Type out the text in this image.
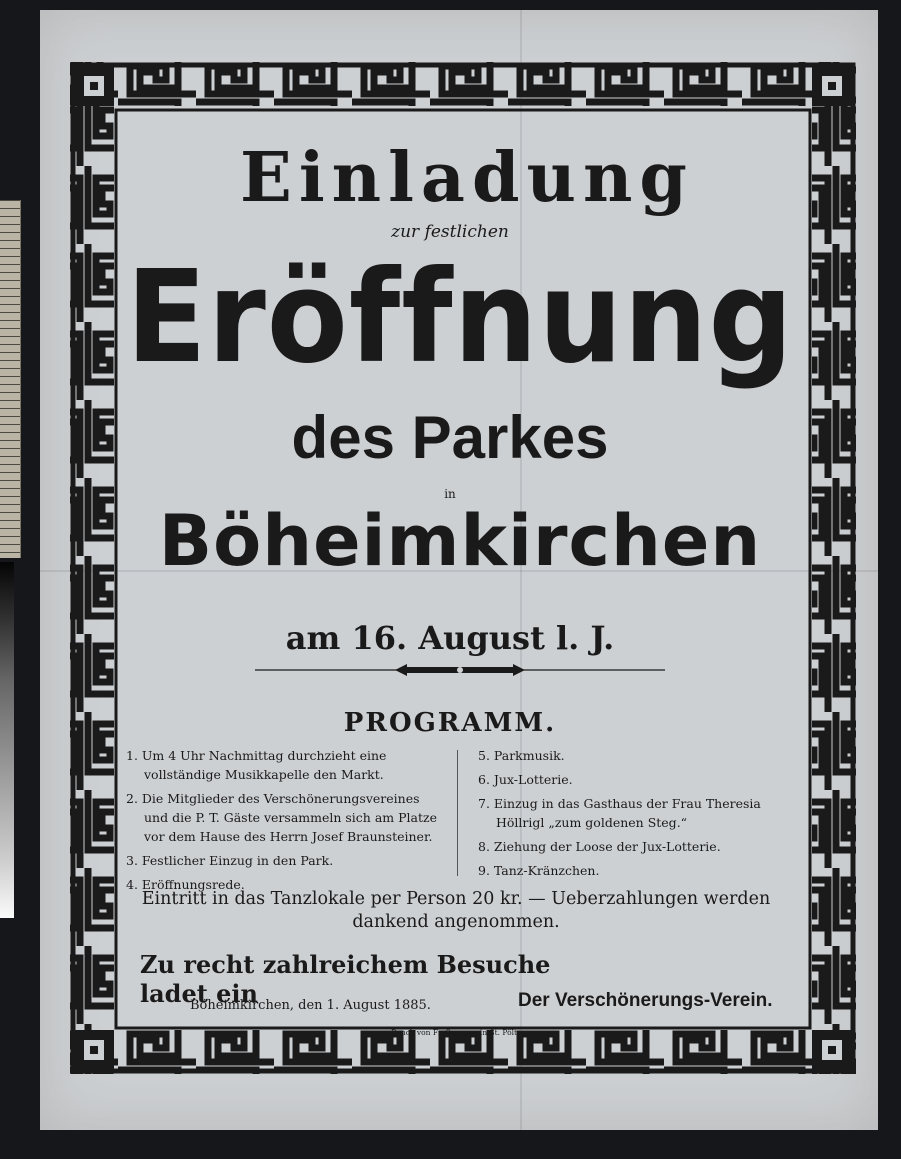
Einladung
zur festlichen
Eröffnung
des Parkes
in
Böheimkirchen
am 16. August l. J.
PROGRAMM.

1. Um 4 Uhr Nachmittag durchzieht eine vollständige Musikkapelle den Markt.

2. Die Mitglieder des Verschönerungsvereines und die P. T. Gäste versammeln sich am Platze vor dem Hause des Herrn Josef Braunsteiner.

3. Festlicher Einzug in den Park.

4. Eröffnungsrede.

5. Parkmusik.

6. Jux-Lotterie.

7. Einzug in das Gasthaus der Frau Theresia Höllrigl „zum goldenen Steg.“

8. Ziehung der Loose der Jux-Lotterie.

9. Tanz-Kränzchen.

Eintritt in das Tanzlokale per Person 20 kr. — Ueberzahlungen werden dankend angenommen.
Zu recht zahlreichem Besuche ladet ein
Böheimkirchen, den 1. August 1885.	Der Verschönerungs-Verein.
Druck von Fr. Sommer in St. Pölten.
